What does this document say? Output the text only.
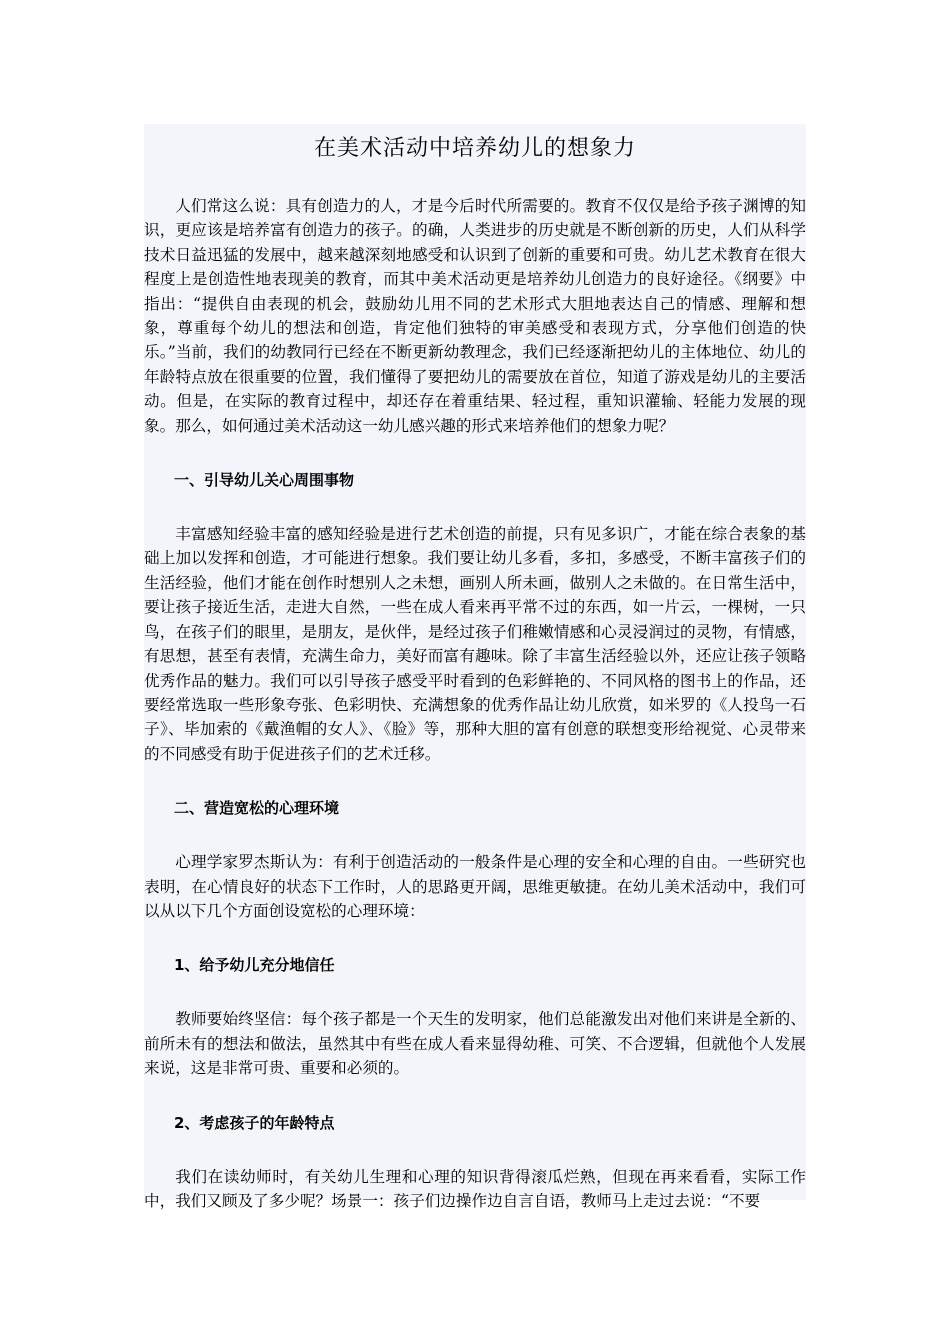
在美术活动中培养幼儿的想象力

人们常这么说：具有创造力的人，才是今后时代所需要的。教育不仅仅是给予孩子渊博的知识，更应该是培养富有创造力的孩子。的确，人类进步的历史就是不断创新的历史，人们从科学技术日益迅猛的发展中，越来越深刻地感受和认识到了创新的重要和可贵。幼儿艺术教育在很大程度上是创造性地表现美的教育，而其中美术活动更是培养幼儿创造力的良好途径。《纲要》中指出：“提供自由表现的机会，鼓励幼儿用不同的艺术形式大胆地表达自己的情感、理解和想象，尊重每个幼儿的想法和创造，肯定他们独特的审美感受和表现方式，分享他们创造的快乐。”当前，我们的幼教同行已经在不断更新幼教理念，我们已经逐渐把幼儿的主体地位、幼儿的年龄特点放在很重要的位置，我们懂得了要把幼儿的需要放在首位，知道了游戏是幼儿的主要活动。但是，在实际的教育过程中，却还存在着重结果、轻过程，重知识灌输、轻能力发展的现象。那么，如何通过美术活动这一幼儿感兴趣的形式来培养他们的想象力呢？

一、引导幼儿关心周围事物

丰富感知经验丰富的感知经验是进行艺术创造的前提，只有见多识广，才能在综合表象的基础上加以发挥和创造，才可能进行想象。我们要让幼儿多看，多扣，多感受，不断丰富孩子们的生活经验，他们才能在创作时想别人之未想，画别人所未画，做别人之未做的。在日常生活中，要让孩子接近生活，走进大自然，一些在成人看来再平常不过的东西，如一片云，一棵树，一只鸟，在孩子们的眼里，是朋友，是伙伴，是经过孩子们稚嫩情感和心灵浸润过的灵物，有情感，有思想，甚至有表情，充满生命力，美好而富有趣味。除了丰富生活经验以外，还应让孩子领略优秀作品的魅力。我们可以引导孩子感受平时看到的色彩鲜艳的、不同风格的图书上的作品，还要经常选取一些形象夸张、色彩明快、充满想象的优秀作品让幼儿欣赏，如米罗的《人投鸟一石子》、毕加索的《戴渔帽的女人》、《脸》等，那种大胆的富有创意的联想变形给视觉、心灵带来的不同感受有助于促进孩子们的艺术迁移。

二、营造宽松的心理环境

心理学家罗杰斯认为：有利于创造活动的一般条件是心理的安全和心理的自由。一些研究也表明，在心情良好的状态下工作时，人的思路更开阔，思维更敏捷。在幼儿美术活动中，我们可以从以下几个方面创设宽松的心理环境：

1、给予幼儿充分地信任

教师要始终坚信：每个孩子都是一个天生的发明家，他们总能激发出对他们来讲是全新的、前所未有的想法和做法，虽然其中有些在成人看来显得幼稚、可笑、不合逻辑，但就他个人发展来说，这是非常可贵、重要和必须的。

2、考虑孩子的年龄特点

我们在读幼师时，有关幼儿生理和心理的知识背得滚瓜烂熟，但现在再来看看，实际工作中，我们又顾及了多少呢？场景一：孩子们边操作边自言自语，教师马上走过去说：“不要
